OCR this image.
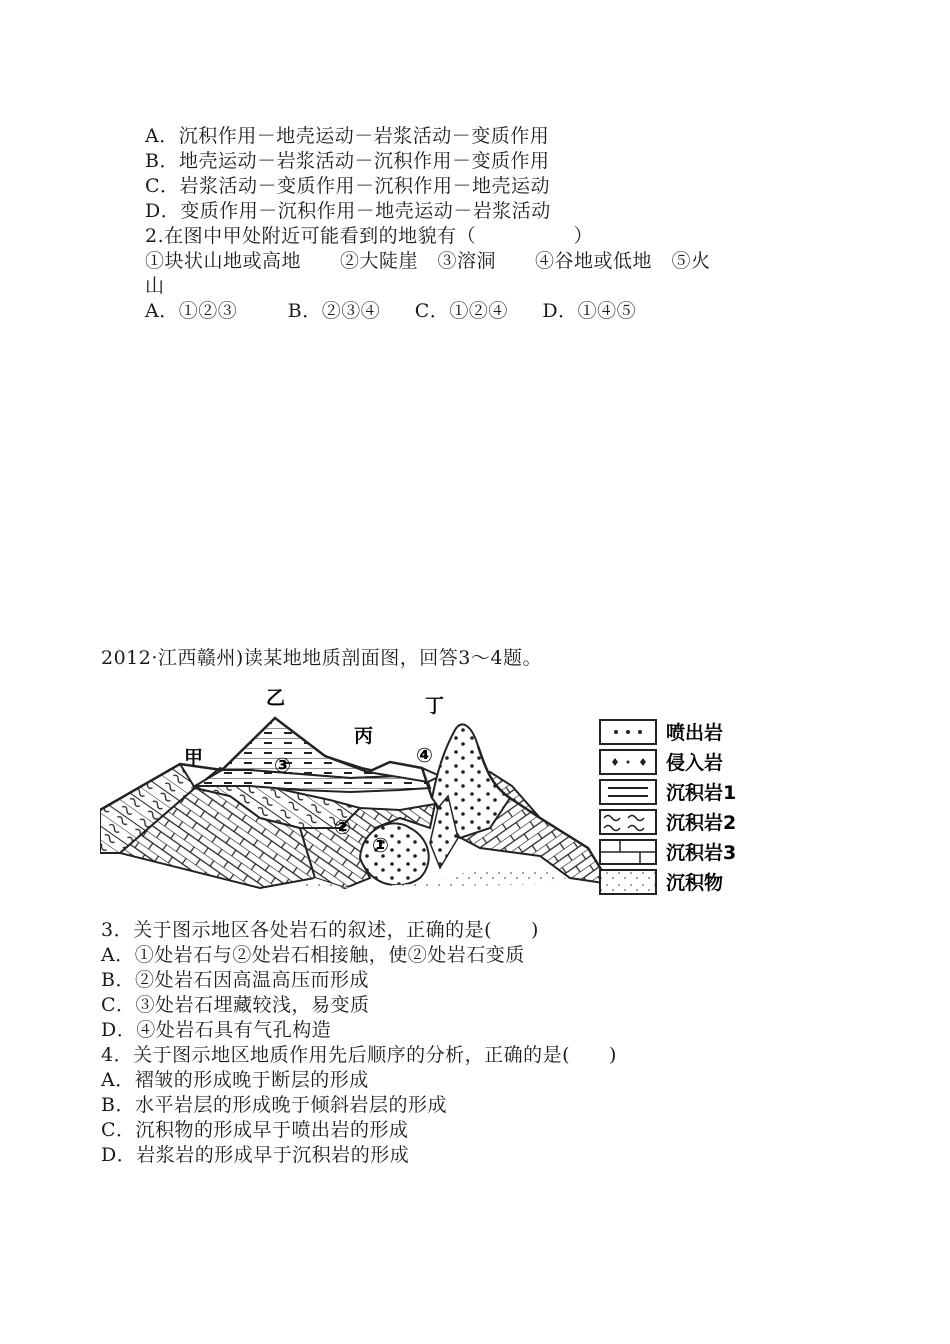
A．沉积作用－地壳运动－岩浆活动－变质作用
B．地壳运动－岩浆活动－沉积作用－变质作用
C．岩浆活动－变质作用－沉积作用－地壳运动
D．变质作用－沉积作用－地壳运动－岩浆活动
2.在图中甲处附近可能看到的地貌有（　　　　　）
①块状山地或高地　　②大陡崖　③溶洞　　④谷地或低地　⑤火
山
A．①②③	B．②③④ C．①②④ D．①④⑤
2012·江西赣州)读某地地质剖面图，回答3～4题。
甲
乙
丙
丁
①
②
③	④
喷出岩
侵入岩
沉积岩1
沉积岩2
沉积岩3
沉积物
3．关于图示地区各处岩石的叙述，正确的是(　　)
A．①处岩石与②处岩石相接触，使②处岩石变质
B．②处岩石因高温高压而形成
C．③处岩石埋藏较浅，易变质
D．④处岩石具有气孔构造
4．关于图示地区地质作用先后顺序的分析，正确的是(　　)
A．褶皱的形成晚于断层的形成
B．水平岩层的形成晚于倾斜岩层的形成
C．沉积物的形成早于喷出岩的形成
D．岩浆岩的形成早于沉积岩的形成
